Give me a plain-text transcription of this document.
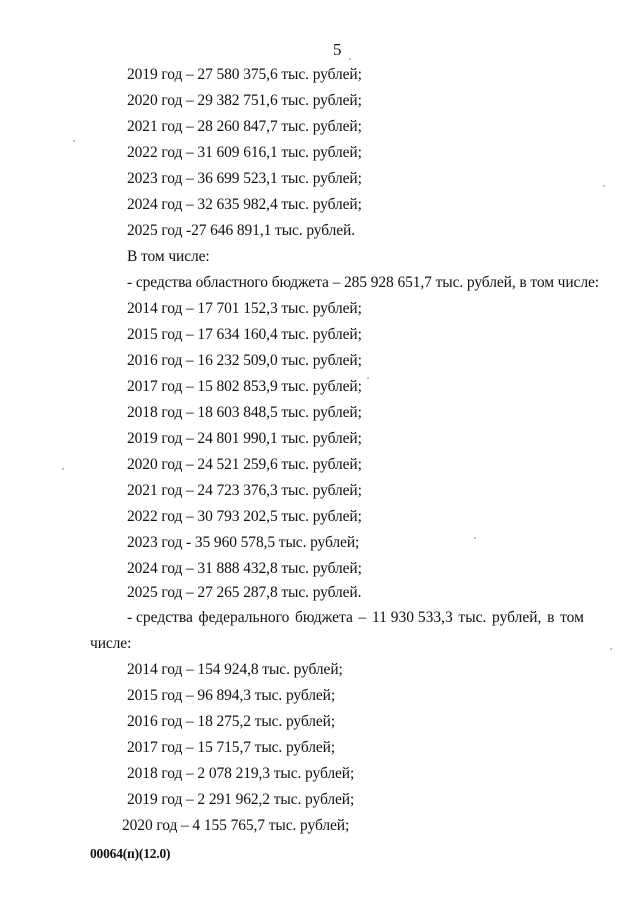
5
2019 год – 27 580 375,6 тыс. рублей;
2020 год – 29 382 751,6 тыс. рублей;
2021 год – 28 260 847,7 тыс. рублей;
2022 год – 31 609 616,1 тыс. рублей;
2023 год – 36 699 523,1 тыс. рублей;
2024 год – 32 635 982,4 тыс. рублей;
2025 год -27 646 891,1 тыс. рублей.
В том числе:
- средства областного бюджета – 285 928 651,7 тыс. рублей, в том числе:
2014 год – 17 701 152,3 тыс. рублей;
2015 год – 17 634 160,4 тыс. рублей;
2016 год – 16 232 509,0 тыс. рублей;
2017 год – 15 802 853,9 тыс. рублей;
2018 год – 18 603 848,5 тыс. рублей;
2019 год – 24 801 990,1 тыс. рублей;
2020 год – 24 521 259,6 тыс. рублей;
2021 год – 24 723 376,3 тыс. рублей;
2022 год – 30 793 202,5 тыс. рублей;
2023 год - 35 960 578,5 тыс. рублей;
2024 год – 31 888 432,8 тыс. рублей;
2025 год – 27 265 287,8 тыс. рублей.
- средства федерального бюджета – 11 930 533,3 тыс. рублей, в том
числе:
2014 год – 154 924,8 тыс. рублей;
2015 год – 96 894,3 тыс. рублей;
2016 год – 18 275,2 тыс. рублей;
2017 год – 15 715,7 тыс. рублей;
2018 год – 2 078 219,3 тыс. рублей;
2019 год – 2 291 962,2 тыс. рублей;
2020 год – 4 155 765,7 тыс. рублей;
00064(п)(12.0)
